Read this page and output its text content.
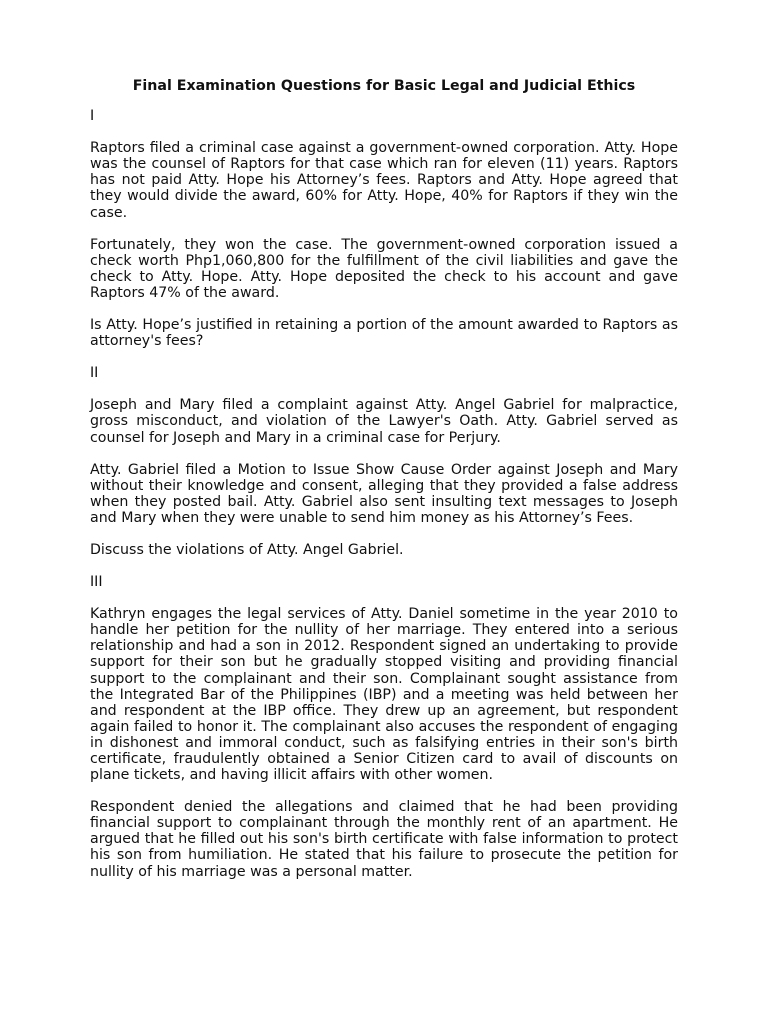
Final Examination Questions for Basic Legal and Judicial Ethics
I

Raptors filed a criminal case against a government-owned corporation. Atty. Hope was the counsel of Raptors for that case which ran for eleven (11) years. Raptors has not paid Atty. Hope his Attorney’s fees. Raptors and Atty. Hope agreed that they would divide the award, 60% for Atty. Hope, 40% for Raptors if they win the case.

Fortunately, they won the case. The government-owned corporation issued a check worth Php1,060,800 for the fulfillment of the civil liabilities and gave the check to Atty. Hope. Atty. Hope deposited the check to his account and gave Raptors 47% of the award.

Is Atty. Hope’s justified in retaining a portion of the amount awarded to Raptors as attorney's fees?

II

Joseph and Mary filed a complaint against Atty. Angel Gabriel for malpractice, gross misconduct, and violation of the Lawyer's Oath. Atty. Gabriel served as counsel for Joseph and Mary in a criminal case for Perjury.

Atty. Gabriel filed a Motion to Issue Show Cause Order against Joseph and Mary without their knowledge and consent, alleging that they provided a false address when they posted bail. Atty. Gabriel also sent insulting text messages to Joseph and Mary when they were unable to send him money as his Attorney’s Fees.

Discuss the violations of Atty. Angel Gabriel.

III

Kathryn engages the legal services of Atty. Daniel sometime in the year 2010 to handle her petition for the nullity of her marriage. They entered into a serious relationship and had a son in 2012. Respondent signed an undertaking to provide support for their son but he gradually stopped visiting and providing financial support to the complainant and their son. Complainant sought assistance from the Integrated Bar of the Philippines (IBP) and a meeting was held between her and respondent at the IBP office. They drew up an agreement, but respondent again failed to honor it. The complainant also accuses the respondent of engaging in dishonest and immoral conduct, such as falsifying entries in their son's birth certificate, fraudulently obtained a Senior Citizen card to avail of discounts on plane tickets, and having illicit affairs with other women.

Respondent denied the allegations and claimed that he had been providing financial support to complainant through the monthly rent of an apartment. He argued that he filled out his son's birth certificate with false information to protect his son from humiliation. He stated that his failure to prosecute the petition for nullity of his marriage was a personal matter.
